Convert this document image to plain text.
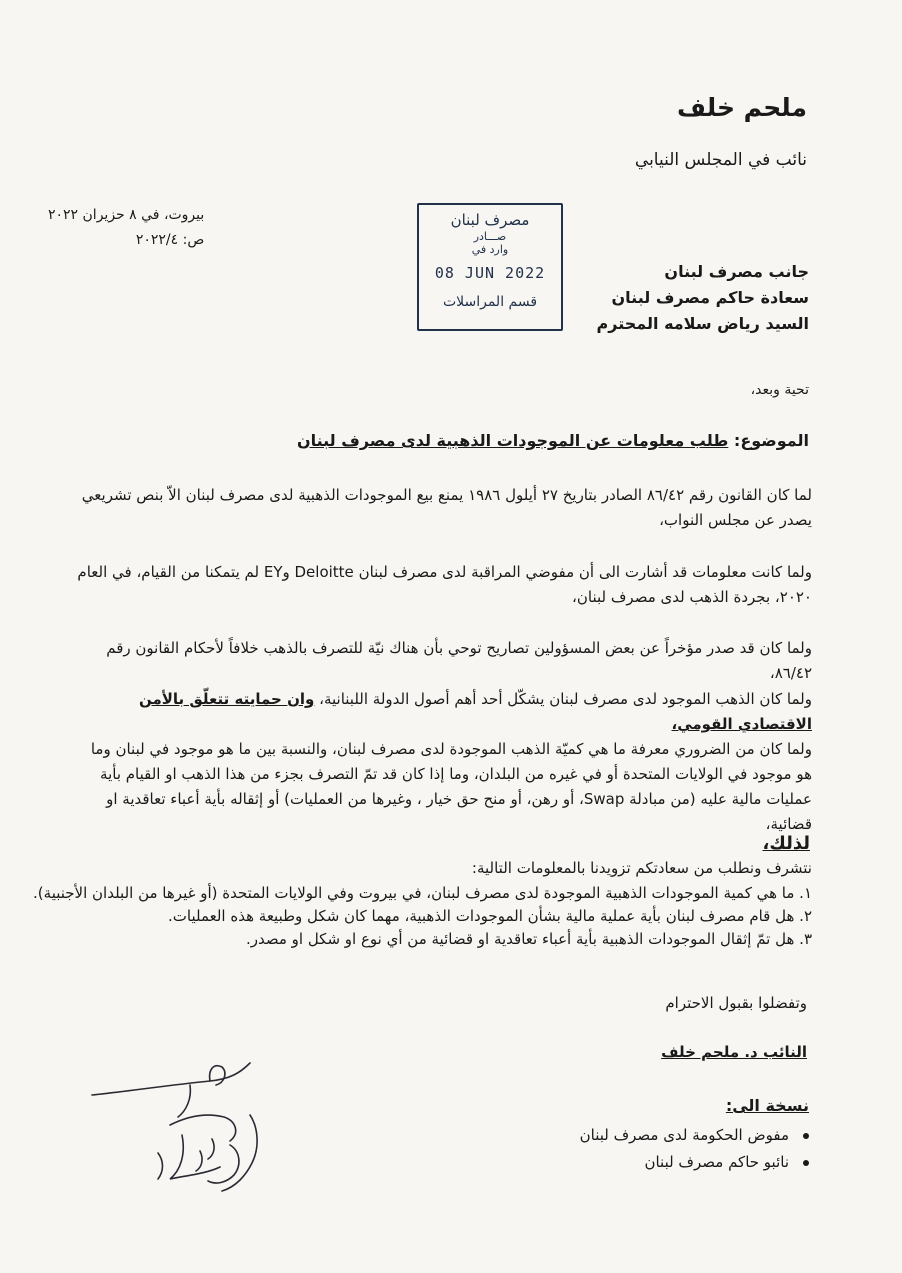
ملحم خلف
نائب في المجلس النيابي
بيروت، في ٨ حزيران ٢٠٢٢
ص: ٢٠٢٢/٤
مصرف لبنان
صـــادر
وارد في
08 JUN 2022
قسم المراسلات
جانب مصرف لبنان
سعادة حاكم مصرف لبنان
السيد رياض سلامه المحترم
تحية وبعد،
الموضوع: طلب معلومات عن الموجودات الذهبية لدى مصرف لبنان
لما كان القانون رقم ٨٦/٤٢ الصادر بتاريخ ٢٧ أيلول ١٩٨٦ يمنع بيع الموجودات الذهبية لدى مصرف لبنان الاّ بنص تشريعي يصدر عن مجلس النواب،
ولما كانت معلومات قد أشارت الى أن مفوضي المراقبة لدى مصرف لبنان Deloitte وEY لم يتمكنا من القيام، في العام ٢٠٢٠، بجردة الذهب لدى مصرف لبنان،
ولما كان قد صدر مؤخراً عن بعض المسؤولين تصاريح توحي بأن هناك نيّة للتصرف بالذهب خلافاً لأحكام القانون رقم ٨٦/٤٢،
ولما كان الذهب الموجود لدى مصرف لبنان يشكّل أحد أهم أصول الدولة اللبنانية، وان حمايته تتعلّق بالأمن الاقتصادي القومي،
ولما كان من الضروري معرفة ما هي كميّة الذهب الموجودة لدى مصرف لبنان، والنسبة بين ما هو موجود في لبنان وما هو موجود في الولايات المتحدة أو في غيره من البلدان، وما إذا كان قد تمّ التصرف بجزء من هذا الذهب او القيام بأية عمليات مالية عليه (من مبادلة Swap، أو رهن، أو منح حق خيار ، وغيرها من العمليات) أو إثقاله بأية أعباء تعاقدية او قضائية،
لذلك،
نتشرف ونطلب من سعادتكم تزويدنا بالمعلومات التالية:
١. ما هي كمية الموجودات الذهبية الموجودة لدى مصرف لبنان، في بيروت وفي الولايات المتحدة (أو غيرها من البلدان الأجنبية).
٢. هل قام مصرف لبنان بأية عملية مالية بشأن الموجودات الذهبية، مهما كان شكل وطبيعة هذه العمليات.
٣. هل تمّ إثقال الموجودات الذهبية بأية أعباء تعاقدية او قضائية من أي نوع او شكل او مصدر.
وتفضلوا بقبول الاحترام
النائب د. ملحم خلف
نسخة الى:
مفوض الحكومة لدى مصرف لبنان
نائبو حاكم مصرف لبنان
